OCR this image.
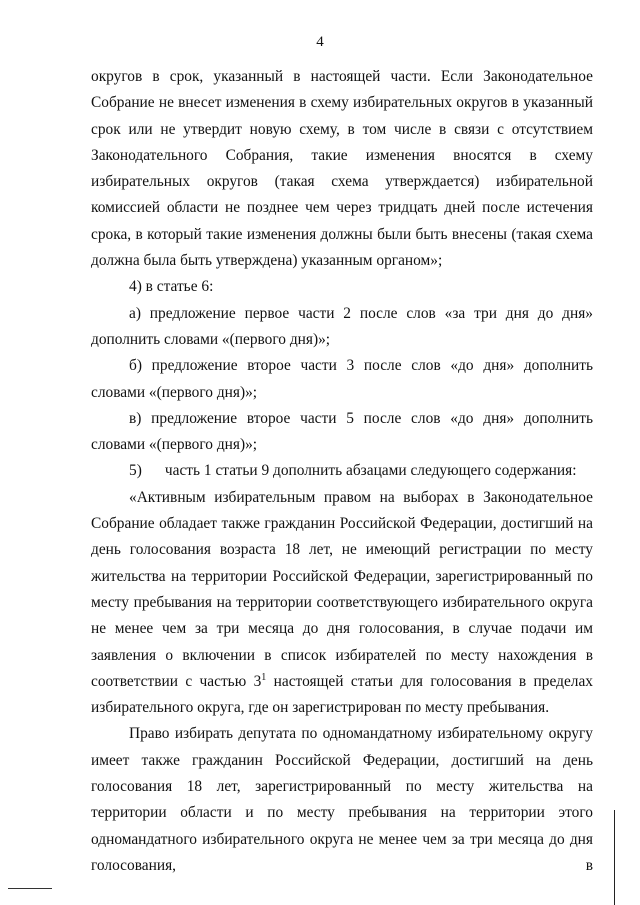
4

округов в срок, указанный в настоящей части. Если Законодательное Собрание не внесет изменения в схему избирательных округов в указанный срок или не утвердит новую схему, в том числе в связи с отсутствием Законодательного Собрания, такие изменения вносятся в схему избирательных округов (такая схема утверждается) избирательной комиссией области не позднее чем через тридцать дней после истечения срока, в который такие изменения должны были быть внесены (такая схема должна была быть утверждена) указанным органом»;

4) в статье 6:

а) предложение первое части 2 после слов «за три дня до дня» дополнить словами «(первого дня)»;

б) предложение второе части 3 после слов «до дня» дополнить словами «(первого дня)»;

в) предложение второе части 5 после слов «до дня» дополнить словами «(первого дня)»;

5)      часть 1 статьи 9 дополнить абзацами следующего содержания:

«Активным избирательным правом на выборах в Законодательное Собрание обладает также гражданин Российской Федерации, достигший на день голосования возраста 18 лет, не имеющий регистрации по месту жительства на территории Российской Федерации, зарегистрированный по месту пребывания на территории соответствующего избирательного округа не менее чем за три месяца до дня голосования, в случае подачи им заявления о включении в список избирателей по месту нахождения в соответствии с частью $3^1$ настоящей статьи для голосования в пределах избирательного округа, где он зарегистрирован по месту пребывания.

Право избирать депутата по одномандатному избирательному округу имеет также гражданин Российской Федерации, достигший на день голосования 18 лет, зарегистрированный по месту жительства на территории области и по месту пребывания на территории этого одномандатного избирательного округа не менее чем за три месяца до дня голосования, в
